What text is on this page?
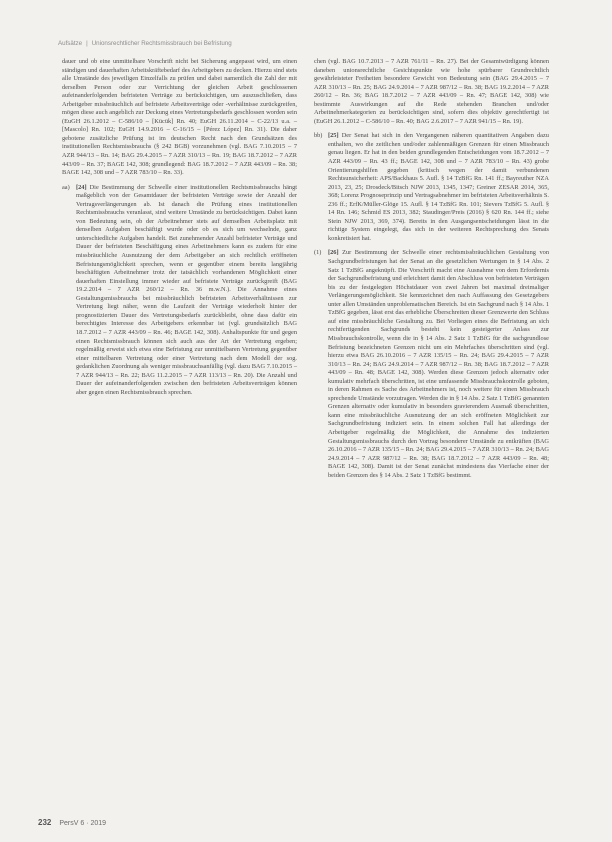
Aufsätze | Unionsrechtlicher Rechtsmissbrauch bei Befristung

dauer und ob eine unmittelbare Vorschrift nicht bei Sicherung angepasst wird, um einen ständigen und dauerhaften Arbeitskräftebedarf des Arbeitgebers zu decken. Hierzu sind stets alle Umstände des jeweiligen Einzelfalls zu prüfen und dabei namentlich die Zahl der mit derselben Person oder zur Verrichtung der gleichen Arbeit geschlossenen aufeinanderfolgenden befristeten Verträge zu berücksichtigen, um auszuschließen, dass Arbeitgeber missbräuchlich auf befristete Arbeitsverträge oder -verhältnisse zurückgreifen, mögen diese auch angeblich zur Deckung eines Vertretungsbedarfs geschlossen worden sein (EuGH 26.1.2012 – C-586/10 – [Kücük] Rn. 40; EuGH 26.11.2014 – C-22/13 u.a. – [Mascolo] Rn. 102; EuGH 14.9.2016 – C-16/15 – [Pérez López] Rn. 31). Die daher gebotene zusätzliche Prüfung ist im deutschen Recht nach den Grundsätzen des institutionellen Rechtsmissbrauchs (§ 242 BGB) vorzunehmen (vgl. BAG 7.10.2015 – 7 AZR 944/13 – Rn. 14; BAG 29.4.2015 – 7 AZR 310/13 – Rn. 19; BAG 18.7.2012 – 7 AZR 443/09 – Rn. 37; BAGE 142, 308; grundlegend: BAG 18.7.2012 – 7 AZR 443/09 – Rn. 38; BAGE 142, 308 und – 7 AZR 783/10 – Rn. 33).

aa) [24] Die Bestimmung der Schwelle einer institutionellen Rechtsmissbrauchs hängt maßgeblich von der Gesamtdauer der befristeten Verträge sowie der Anzahl der Vertragsverlängerungen ab. Ist danach die Prüfung eines institutionellen Rechtsmissbrauchs veranlasst, sind weitere Umstände zu berücksichtigen. Dabei kann von Bedeutung sein, ob der Arbeitnehmer stets auf demselben Arbeitsplatz mit denselben Aufgaben beschäftigt wurde oder ob es sich um wechselnde, ganz unterschiedliche Aufgaben handelt. Bei zunehmender Anzahl befristeter Verträge und Dauer der befristeten Beschäftigung eines Arbeitnehmers kann es zudem für eine missbräuchliche Ausnutzung der dem Arbeitgeber an sich rechtlich eröffneten Befristungsmöglichkeit sprechen, wenn er gegenüber einem bereits langjährig beschäftigten Arbeitnehmer trotz der tatsächlich vorhandenen Möglichkeit einer dauerhaften Einstellung immer wieder auf befristete Verträge zurückgreift (BAG 19.2.2014 – 7 AZR 260/12 – Rn. 36 m.w.N.). Die Annahme eines Gestaltungsmissbrauchs bei missbräuchlich befristeten Arbeitsverhältnissen zur Vertretung liegt näher, wenn die Laufzeit der Verträge wiederholt hinter der prognostizierten Dauer des Vertretungsbedarfs zurückbleibt, ohne dass dafür ein berechtigtes Interesse des Arbeitgebers erkennbar ist (vgl. grundsätzlich BAG 18.7.2012 – 7 AZR 443/09 – Rn. 46; BAGE 142, 308). Anhaltspunkte für und gegen einen Rechtsmissbrauch können sich auch aus der Art der Vertretung ergeben; regelmäßig erweist sich etwa eine Befristung zur unmittelbaren Vertretung gegenüber einer mittelbaren Vertretung oder einer Vertretung nach dem Modell der sog. gedanklichen Zuordnung als weniger missbrauchsanfällig (vgl. dazu BAG 7.10.2015 – 7 AZR 944/13 – Rn. 22; BAG 11.2.2015 – 7 AZR 113/13 – Rn. 20). Die Anzahl und Dauer der aufeinanderfolgenden zwischen den befristeten Arbeitsverträgen können aber gegen einen Rechtsmissbrauch sprechen.

chen (vgl. BAG 10.7.2013 – 7 AZR 761/11 – Rn. 27). Bei der Gesamtwürdigung können daneben unionsrechtliche Gesichtspunkte wie hohe spürbarer Grundrechtlich gewährleisteter Freiheiten besondere Gewicht von Bedeutung sein (BAG 29.4.2015 – 7 AZR 310/13 – Rn. 25; BAG 24.9.2014 – 7 AZR 987/12 – Rn. 38; BAG 19.2.2014 – 7 AZR 260/12 – Rn. 36; BAG 18.7.2012 – 7 AZR 443/09 – Rn. 47; BAGE 142, 308) wie bestimmte Auswirkungen auf die Rede stehenden Branchen und/oder Arbeitnehmerkategorien zu berücksichtigen sind, sofern dies objektiv gerechtfertigt ist (EuGH 26.1.2012 – C-586/10 – Rn. 40; BAG 2.6.2017 – 7 AZR 941/15 – Rn. 19).

bb) [25] Der Senat hat sich in den Vergangenen näheren quantitativen Angaben dazu enthalten, wo die zeitlichen und/oder zahlenmäßigen Grenzen für einen Missbrauch genau liegen. Er hat in den beiden grundlegenden Entscheidungen vom 18.7.2012 – 7 AZR 443/09 – Rn. 43 ff.; BAGE 142, 308 und – 7 AZR 783/10 – Rn. 43) grobe Orientierungshilfen gegeben (kritisch wegen der damit verbundenen Rechtsunsicherheit: APS/Backhaus 5. Aufl. § 14 TzBfG Rn. 141 ff.; Bayreuther NZA 2013, 23, 25; Drosdeck/Bitsch NJW 2013, 1345, 1347; Greiner ZESAR 2014, 365, 368; Lorenz Prognoseprinzip und Vertragsabnehmer im befristeten Arbeitsverhältnis S. 236 ff.; ErfK/Müller-Glöge 15. Aufl. § 14 TzBfG Rn. 101; Sievers TzBfG 5. Aufl. § 14 Rn. 146; Schmid ES 2013, 382; Staudinger/Preis (2016) § 620 Rn. 144 ff.; siehe Stein NJW 2013, 369, 374). Bereits in den Ausgangsentscheidungen lässt in die richtige System eingelegt, das sich in der weiteren Rechtsprechung des Senats konkretisiert hat.

(1) [26] Zur Bestimmung der Schwelle einer rechtsmissbräuchlichen Gestaltung von Sachgrundbefristungen hat der Senat an die gesetzlichen Wertungen in § 14 Abs. 2 Satz 1 TzBfG angeknüpft. Die Vorschrift macht eine Ausnahme von dem Erfordernis der Sachgrundbefristung und erleichtert damit den Abschluss von befristeten Verträgen bis zu der festgelegten Höchstdauer von zwei Jahren bei maximal dreimaliger Verlängerungsmöglichkeit. Sie kennzeichnet den nach Auffassung des Gesetzgebers unter allen Umständen unproblematischen Bereich. Ist ein Sachgrund nach § 14 Abs. 1 TzBfG gegeben, lässt erst das erhebliche Überschreiten dieser Grenzwerte den Schluss auf eine missbräuchliche Gestaltung zu. Bei Vorliegen eines die Befristung an sich rechtfertigenden Sachgrunds besteht kein gesteigerter Anlass zur Missbrauchskontrolle, wenn die in § 14 Abs. 2 Satz 1 TzBfG für die sachgrundlose Befristung bezeichneten Grenzen nicht um ein Mehrfaches überschritten sind (vgl. hierzu etwa BAG 26.10.2016 – 7 AZR 135/15 – Rn. 24; BAG 29.4.2015 – 7 AZR 310/13 – Rn. 24; BAG 24.9.2014 – 7 AZR 987/12 – Rn. 38; BAG 18.7.2012 – 7 AZR 443/09 – Rn. 48; BAGE 142, 308). Werden diese Grenzen jedoch alternativ oder kumulativ mehrfach überschritten, ist eine umfassende Missbrauchskontrolle geboten, in deren Rahmen es Sache des Arbeitnehmers ist, noch weitere für einen Missbrauch sprechende Umstände vorzutragen. Werden die in § 14 Abs. 2 Satz 1 TzBfG genannten Grenzen alternativ oder kumulativ in besonders gravierendem Ausmaß überschritten, kann eine missbräuchliche Ausnutzung der an sich eröffneten Möglichkeit zur Sachgrundbefristung indiziert sein. In einem solchen Fall hat allerdings der Arbeitgeber regelmäßig die Möglichkeit, die Annahme des indizierten Gestaltungsmissbrauchs durch den Vortrag besonderer Umstände zu entkräften (BAG 26.10.2016 – 7 AZR 135/15 – Rn. 24; BAG 29.4.2015 – 7 AZR 310/13 – Rn. 24; BAG 24.9.2014 – 7 AZR 987/12 – Rn. 38; BAG 18.7.2012 – 7 AZR 443/09 – Rn. 48; BAGE 142, 308). Damit ist der Senat zunächst mindestens das Vierfache einer der beiden Grenzen des § 14 Abs. 2 Satz 1 TzBfG bestimmt.

232 PersV 6 · 2019
